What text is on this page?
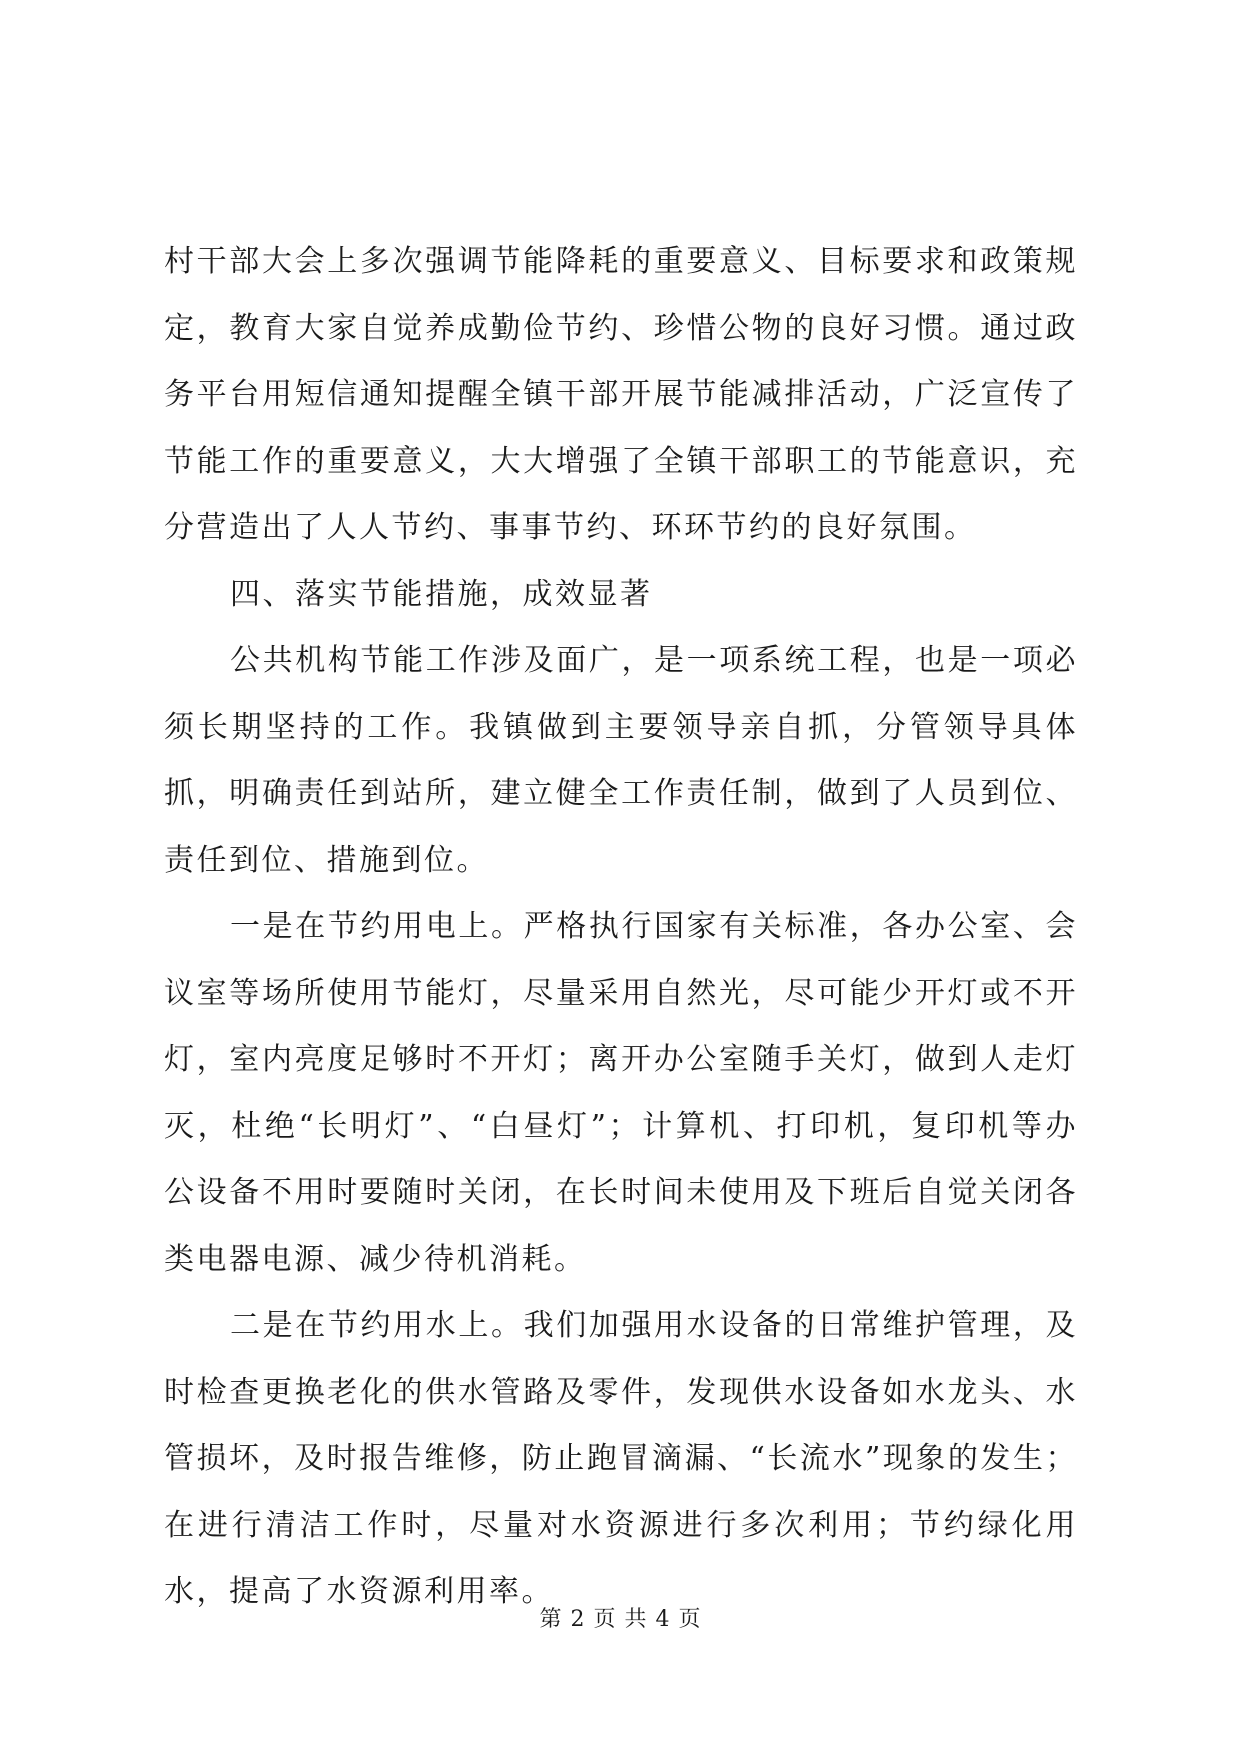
村干部大会上多次强调节能降耗的重要意义、目标要求和政策规定，教育大家自觉养成勤俭节约、珍惜公物的良好习惯。通过政务平台用短信通知提醒全镇干部开展节能减排活动，广泛宣传了节能工作的重要意义，大大增强了全镇干部职工的节能意识，充分营造出了人人节约、事事节约、环环节约的良好氛围。

四、落实节能措施，成效显著

公共机构节能工作涉及面广，是一项系统工程，也是一项必须长期坚持的工作。我镇做到主要领导亲自抓，分管领导具体抓，明确责任到站所，建立健全工作责任制，做到了人员到位、责任到位、措施到位。

一是在节约用电上。严格执行国家有关标准，各办公室、会议室等场所使用节能灯，尽量采用自然光，尽可能少开灯或不开灯，室内亮度足够时不开灯；离开办公室随手关灯，做到人走灯灭，杜绝“长明灯”、“白昼灯”；计算机、打印机，复印机等办公设备不用时要随时关闭，在长时间未使用及下班后自觉关闭各类电器电源、减少待机消耗。

二是在节约用水上。我们加强用水设备的日常维护管理，及时检查更换老化的供水管路及零件，发现供水设备如水龙头、水管损坏，及时报告维修，防止跑冒滴漏、“长流水”现象的发生；在进行清洁工作时，尽量对水资源进行多次利用；节约绿化用水，提高了水资源利用率。

第 2 页 共 4 页
